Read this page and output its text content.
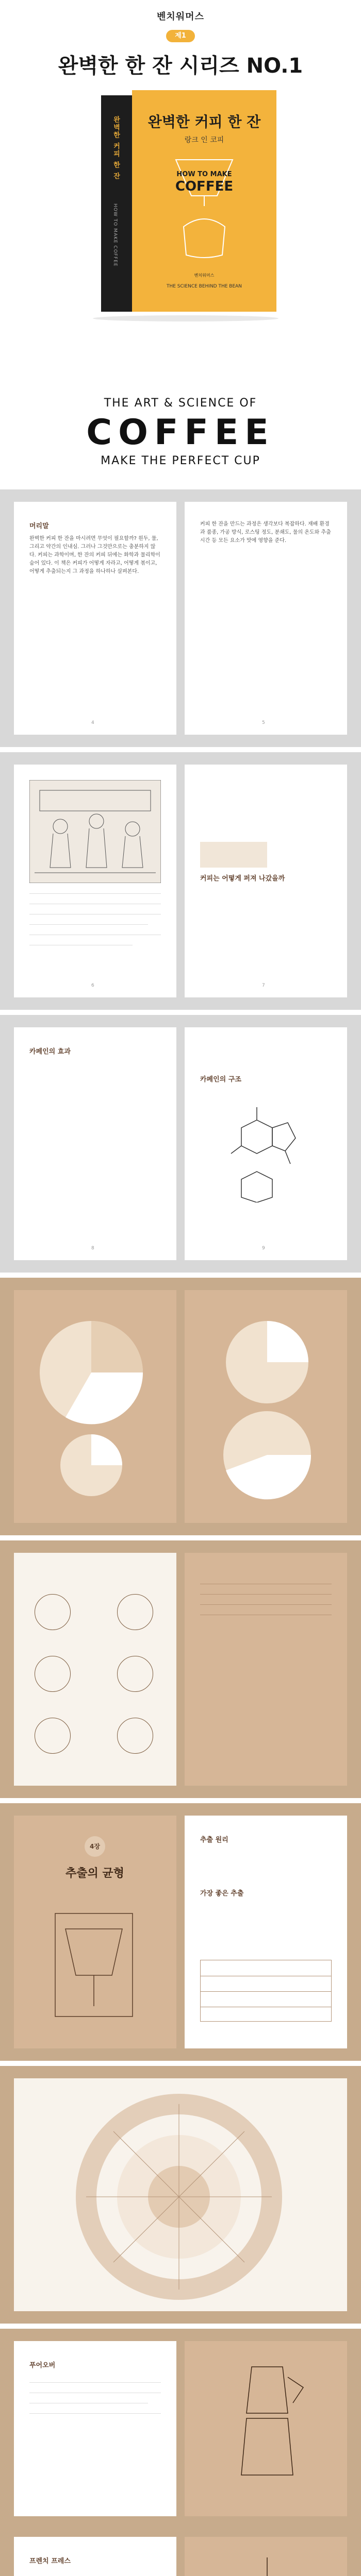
벤치워머스
제1
완벽한 한 잔 시리즈 NO.1
완벽한 커피 한 잔
HOW TO MAKE COFFEE
완벽한 커피 한 잔
랑크 인 코피
HOW TO MAKE
COFFEE
THE SCIENCE BEHIND THE BEAN
벤치워머스
THE ART & SCIENCE OF
COFFEE
MAKE THE PERFECT CUP
머리말
완벽한 커피 한 잔을 마시려면 무엇이 필요할까? 원두, 물, 그리고 약간의 인내심. 그러나 그것만으로는 충분하지 않다. 커피는 과학이며, 한 잔의 커피 뒤에는 화학과 물리학이 숨어 있다. 이 책은 커피가 어떻게 자라고, 어떻게 볶이고, 어떻게 추출되는지 그 과정을 하나하나 살펴본다.
4
커피 한 잔을 만드는 과정은 생각보다 복잡하다. 재배 환경과 품종, 가공 방식, 로스팅 정도, 분쇄도, 물의 온도와 추출 시간 등 모든 요소가 맛에 영향을 준다.
5
6
커피는 어떻게 퍼져 나갔을까
7
카페인의 효과
8
카페인의 구조
9
4장
추출의 균형
추출 원리
가장 좋은 추출
푸어오버
프렌치 프레스
